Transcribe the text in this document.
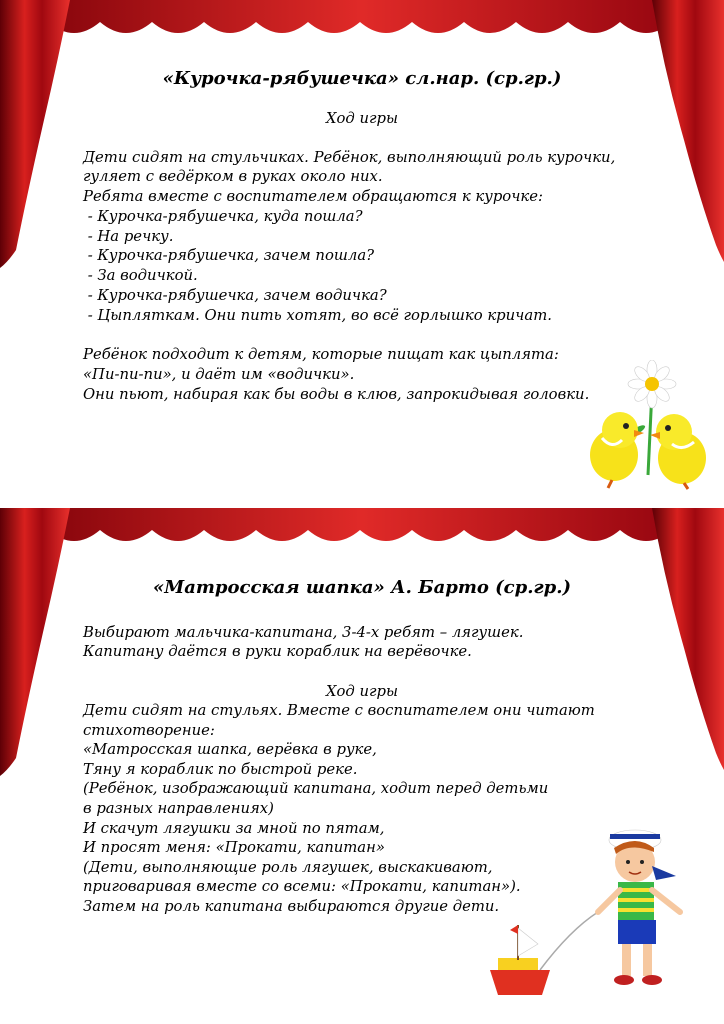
«Курочка-рябушечка» сл.нар. (ср.гр.)
Ход игры
Дети сидят на стульчиках. Ребёнок, выполняющий роль курочки,
гуляет с ведёрком в руках около них.
Ребята вместе с воспитателем обращаются к курочке:
- Курочка-рябушечка, куда пошла?
- На речку.
- Курочка-рябушечка, зачем пошла?
- За водичкой.
- Курочка-рябушечка, зачем водичка?
- Цыпляткам. Они пить хотят, во всё горлышко кричат.
Ребёнок подходит к детям, которые пищат как цыплята:
«Пи-пи-пи», и даёт им «водички».
Они пьют, набирая как бы воды в клюв, запрокидывая головки.
«Матросская шапка» А. Барто (ср.гр.)
Выбирают мальчика-капитана, 3-4-х ребят – лягушек.
Капитану даётся в руки кораблик на верёвочке.
Ход игры
Дети сидят на стульях. Вместе с воспитателем они читают
стихотворение:
«Матросская шапка, верёвка в руке,
Тяну я кораблик по быстрой реке.
(Ребёнок, изображающий капитана, ходит перед детьми
в разных направлениях)
И скачут лягушки за мной по пятам,
И просят меня: «Прокати, капитан»
(Дети, выполняющие роль лягушек, выскакивают,
приговаривая вместе со всеми: «Прокати, капитан»).
Затем на роль капитана выбираются другие дети.
